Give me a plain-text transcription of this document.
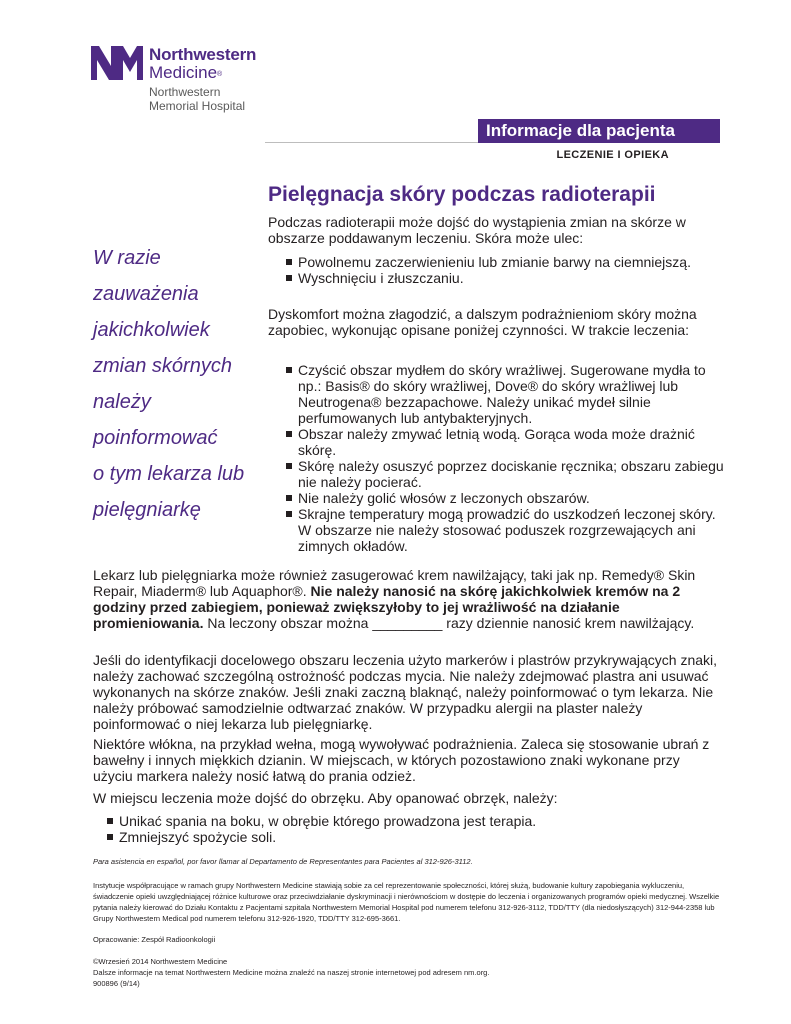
Northwestern
Medicine®
Northwestern
Memorial Hospital
Informacje dla pacjenta
LECZENIE I OPIEKA
Pielęgnacja skóry podczas radioterapii
W razie
zauważenia
jakichkolwiek
zmian skórnych
należy
poinformować
o tym lekarza lub
pielęgniarkę

Podczas radioterapii może dojść do wystąpienia zmian na skórze w obszarze poddawanym leczeniu. Skóra może ulec:

Powolnemu zaczerwienieniu lub zmianie barwy na ciemniejszą.
Wyschnięciu i złuszczaniu.

Dyskomfort można złagodzić, a dalszym podrażnieniom skóry można zapobiec, wykonując opisane poniżej czynności. W trakcie leczenia:

Czyścić obszar mydłem do skóry wrażliwej. Sugerowane mydła to np.: Basis® do skóry wrażliwej, Dove® do skóry wrażliwej lub Neutrogena® bezzapachowe. Należy unikać mydeł silnie perfumowanych lub antybakteryjnych.
Obszar należy zmywać letnią wodą. Gorąca woda może drażnić skórę.
Skórę należy osuszyć poprzez dociskanie ręcznika; obszaru zabiegu nie należy pocierać.
Nie należy golić włosów z leczonych obszarów.
Skrajne temperatury mogą prowadzić do uszkodzeń leczonej skóry. W obszarze nie należy stosować poduszek rozgrzewających ani zimnych okładów.

Lekarz lub pielęgniarka może również zasugerować krem nawilżający, taki jak np. Remedy® Skin Repair, Miaderm® lub Aquaphor®. Nie należy nanosić na skórę jakichkolwiek kremów na 2 godziny przed zabiegiem, ponieważ zwiększyłoby to jej wrażliwość na działanie promieniowania. Na leczony obszar można _________ razy dziennie nanosić krem nawilżający.

Jeśli do identyfikacji docelowego obszaru leczenia użyto markerów i plastrów przykrywających znaki, należy zachować szczególną ostrożność podczas mycia. Nie należy zdejmować plastra ani usuwać wykonanych na skórze znaków. Jeśli znaki zaczną blaknąć, należy poinformować o tym lekarza. Nie należy próbować samodzielnie odtwarzać znaków. W przypadku alergii na plaster należy poinformować o niej lekarza lub pielęgniarkę.

Niektóre włókna, na przykład wełna, mogą wywoływać podrażnienia. Zaleca się stosowanie ubrań z bawełny i innych miękkich dzianin. W miejscach, w których pozostawiono znaki wykonane przy użyciu markera należy nosić łatwą do prania odzież.

W miejscu leczenia może dojść do obrzęku. Aby opanować obrzęk, należy:

Unikać spania na boku, w obrębie którego prowadzona jest terapia.
Zmniejszyć spożycie soli.

Para asistencia en español, por favor llamar al Departamento de Representantes para Pacientes al 312-926-3112.

Instytucje współpracujące w ramach grupy Northwestern Medicine stawiają sobie za cel reprezentowanie społeczności, której służą, budowanie kultury zapobiegania wykluczeniu, świadczenie opieki uwzględniającej różnice kulturowe oraz przeciwdziałanie dyskryminacji i nierównościom w dostępie do leczenia i organizowanych programów opieki medycznej. Wszelkie pytania należy kierować do Działu Kontaktu z Pacjentami szpitala Northwestern Memorial Hospital pod numerem telefonu 312-926-3112, TDD/TTY (dla niedosłyszących) 312-944-2358 lub Grupy Northwestern Medical pod numerem telefonu 312-926-1920, TDD/TTY 312-695-3661.

Opracowanie: Zespół Radioonkologii

©Wrzesień 2014 Northwestern Medicine

Dalsze informacje na temat Northwestern Medicine można znaleźć na naszej stronie internetowej pod adresem nm.org.

900896 (9/14)
